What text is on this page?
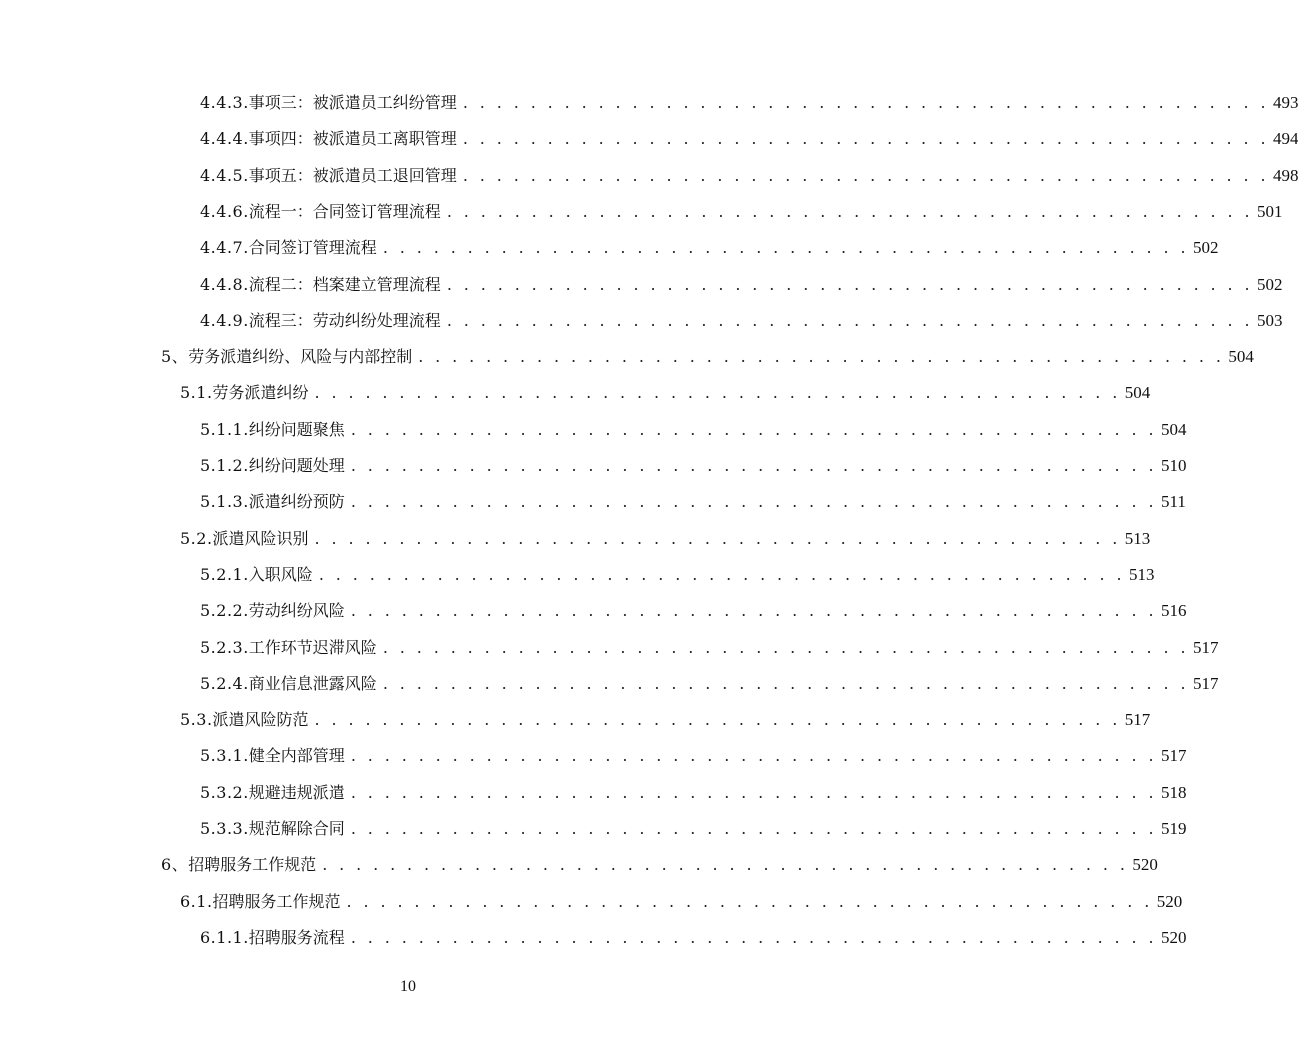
4.4.3. 事项三：被派遣员工纠纷管理 . . . . . . . . . . . . . . . . . . . . . . . . . . . . . . . . . . . . . . . . . . . . . . . . 493
4.4.4. 事项四：被派遣员工离职管理 . . . . . . . . . . . . . . . . . . . . . . . . . . . . . . . . . . . . . . . . . . . . . . . . 494
4.4.5. 事项五：被派遣员工退回管理 . . . . . . . . . . . . . . . . . . . . . . . . . . . . . . . . . . . . . . . . . . . . . . . . 498
4.4.6. 流程一：合同签订管理流程 . . . . . . . . . . . . . . . . . . . . . . . . . . . . . . . . . . . . . . . . . . . . . . . . 501
4.4.7. 合同签订管理流程 . . . . . . . . . . . . . . . . . . . . . . . . . . . . . . . . . . . . . . . . . . . . . . . . 502
4.4.8. 流程二：档案建立管理流程 . . . . . . . . . . . . . . . . . . . . . . . . . . . . . . . . . . . . . . . . . . . . . . . . 502
4.4.9. 流程三：劳动纠纷处理流程 . . . . . . . . . . . . . . . . . . . . . . . . . . . . . . . . . . . . . . . . . . . . . . . . 503
5、 劳务派遣纠纷、风险与内部控制 . . . . . . . . . . . . . . . . . . . . . . . . . . . . . . . . . . . . . . . . . . . . . . . . 504
5.1. 劳务派遣纠纷 . . . . . . . . . . . . . . . . . . . . . . . . . . . . . . . . . . . . . . . . . . . . . . . . 504
5.1.1. 纠纷问题聚焦 . . . . . . . . . . . . . . . . . . . . . . . . . . . . . . . . . . . . . . . . . . . . . . . . 504
5.1.2. 纠纷问题处理 . . . . . . . . . . . . . . . . . . . . . . . . . . . . . . . . . . . . . . . . . . . . . . . . 510
5.1.3. 派遣纠纷预防 . . . . . . . . . . . . . . . . . . . . . . . . . . . . . . . . . . . . . . . . . . . . . . . . 511
5.2. 派遣风险识别 . . . . . . . . . . . . . . . . . . . . . . . . . . . . . . . . . . . . . . . . . . . . . . . . 513
5.2.1. 入职风险 . . . . . . . . . . . . . . . . . . . . . . . . . . . . . . . . . . . . . . . . . . . . . . . . 513
5.2.2. 劳动纠纷风险 . . . . . . . . . . . . . . . . . . . . . . . . . . . . . . . . . . . . . . . . . . . . . . . . 516
5.2.3. 工作环节迟滞风险 . . . . . . . . . . . . . . . . . . . . . . . . . . . . . . . . . . . . . . . . . . . . . . . . 517
5.2.4. 商业信息泄露风险 . . . . . . . . . . . . . . . . . . . . . . . . . . . . . . . . . . . . . . . . . . . . . . . . 517
5.3. 派遣风险防范 . . . . . . . . . . . . . . . . . . . . . . . . . . . . . . . . . . . . . . . . . . . . . . . . 517
5.3.1. 健全内部管理 . . . . . . . . . . . . . . . . . . . . . . . . . . . . . . . . . . . . . . . . . . . . . . . . 517
5.3.2. 规避违规派遣 . . . . . . . . . . . . . . . . . . . . . . . . . . . . . . . . . . . . . . . . . . . . . . . . 518
5.3.3. 规范解除合同 . . . . . . . . . . . . . . . . . . . . . . . . . . . . . . . . . . . . . . . . . . . . . . . . 519
6、 招聘服务工作规范 . . . . . . . . . . . . . . . . . . . . . . . . . . . . . . . . . . . . . . . . . . . . . . . . 520
6.1. 招聘服务工作规范 . . . . . . . . . . . . . . . . . . . . . . . . . . . . . . . . . . . . . . . . . . . . . . . . 520
6.1.1. 招聘服务流程 . . . . . . . . . . . . . . . . . . . . . . . . . . . . . . . . . . . . . . . . . . . . . . . . 520
10
